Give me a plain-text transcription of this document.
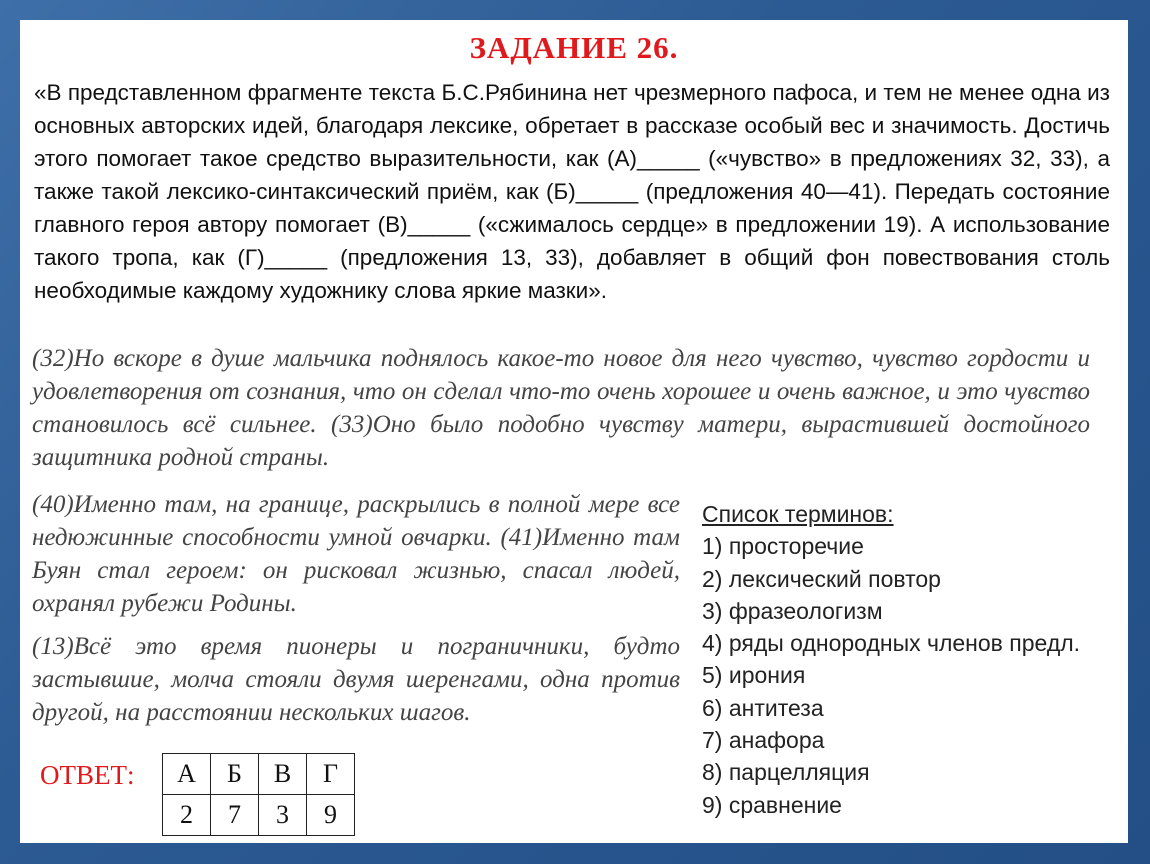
ЗАДАНИЕ 26.
«В представленном фрагменте текста Б.С.Рябинина нет чрезмерного пафоса, и тем не менее одна из основных авторских идей, благодаря лексике, обретает в рассказе особый вес и значимость. Достичь этого помогает такое средство выразительности, как (А)_____ («чувство» в предложениях 32, 33), а также такой лексико-синтаксический приём, как (Б)_____ (предложения 40—41). Передать состояние главного героя автору помогает (В)_____ («сжималось сердце» в предложении 19). А использование такого тропа, как (Г)_____ (предложения 13, 33), добавляет в общий фон повествования столь необходимые каждому художнику слова яркие мазки».
(32)Но вскоре в душе мальчика поднялось какое-то новое для него чувство, чувство гордости и удовлетворения от сознания, что он сделал что-то очень хорошее и очень важное, и это чувство становилось всё сильнее. (33)Оно было подобно чувству матери, вырастившей достойного защитника родной страны.
(40)Именно там, на границе, раскрылись в полной мере все недюжинные способности умной овчарки. (41)Именно там Буян стал героем: он рисковал жизнью, спасал людей, охранял рубежи Родины.
(13)Всё это время пионеры и пограничники, будто застывшие, молча стояли двумя шеренгами, одна против другой, на расстоянии нескольких шагов.
Список терминов:
1) просторечие
2) лексический повтор
3) фразеологизм
4) ряды однородных членов предл.
5) ирония
6) антитеза
7) анафора
8) парцелляция
9) сравнение
ОТВЕТ: А	Б	В	Г
2	7	3	9
